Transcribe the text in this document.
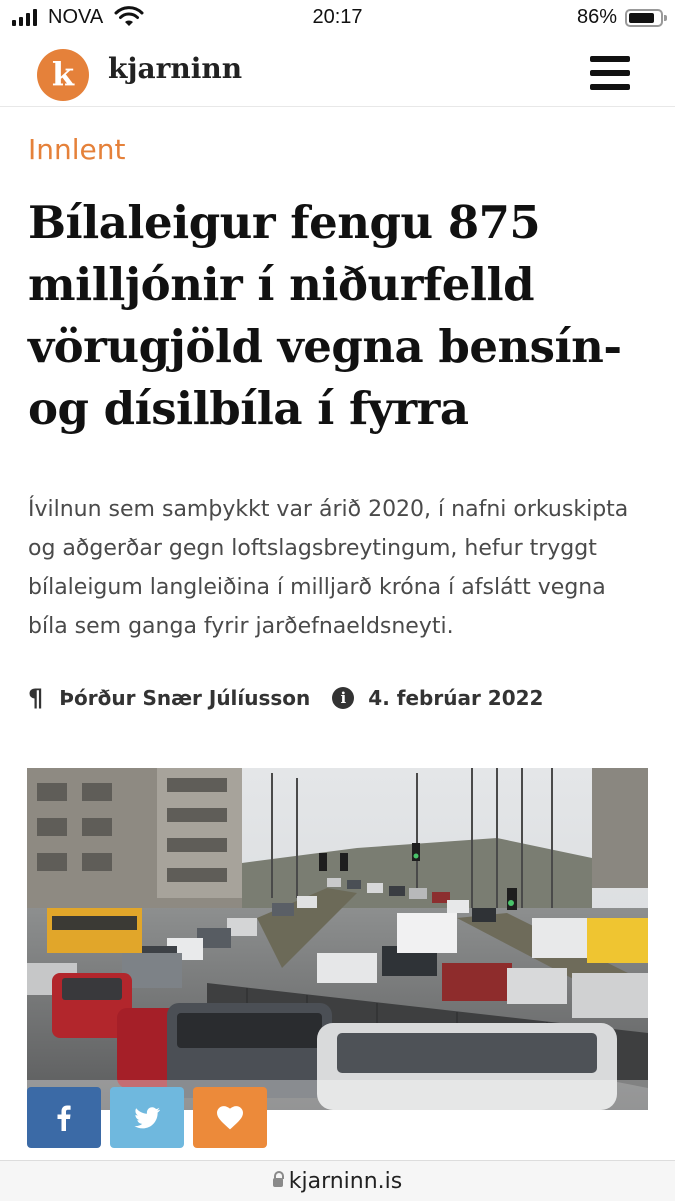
NOVA	20:17	86%
k	kjarninn
Innlent
Bílaleigur fengu 875 milljónir í niðurfelld vörugjöld vegna bensín- og dísilbíla í fyrra

Ívilnun sem samþykkt var árið 2020, í nafni orkuskipta og aðgerðar gegn loftslagsbreytingum, hefur tryggt bílaleigum langleiðina í milljarð króna í afslátt vegna bíla sem ganga fyrir jarðefnaeldsneyti.

¶ Þórður Snær Júlíusson	i	4. febrúar 2022
kjarninn.is
